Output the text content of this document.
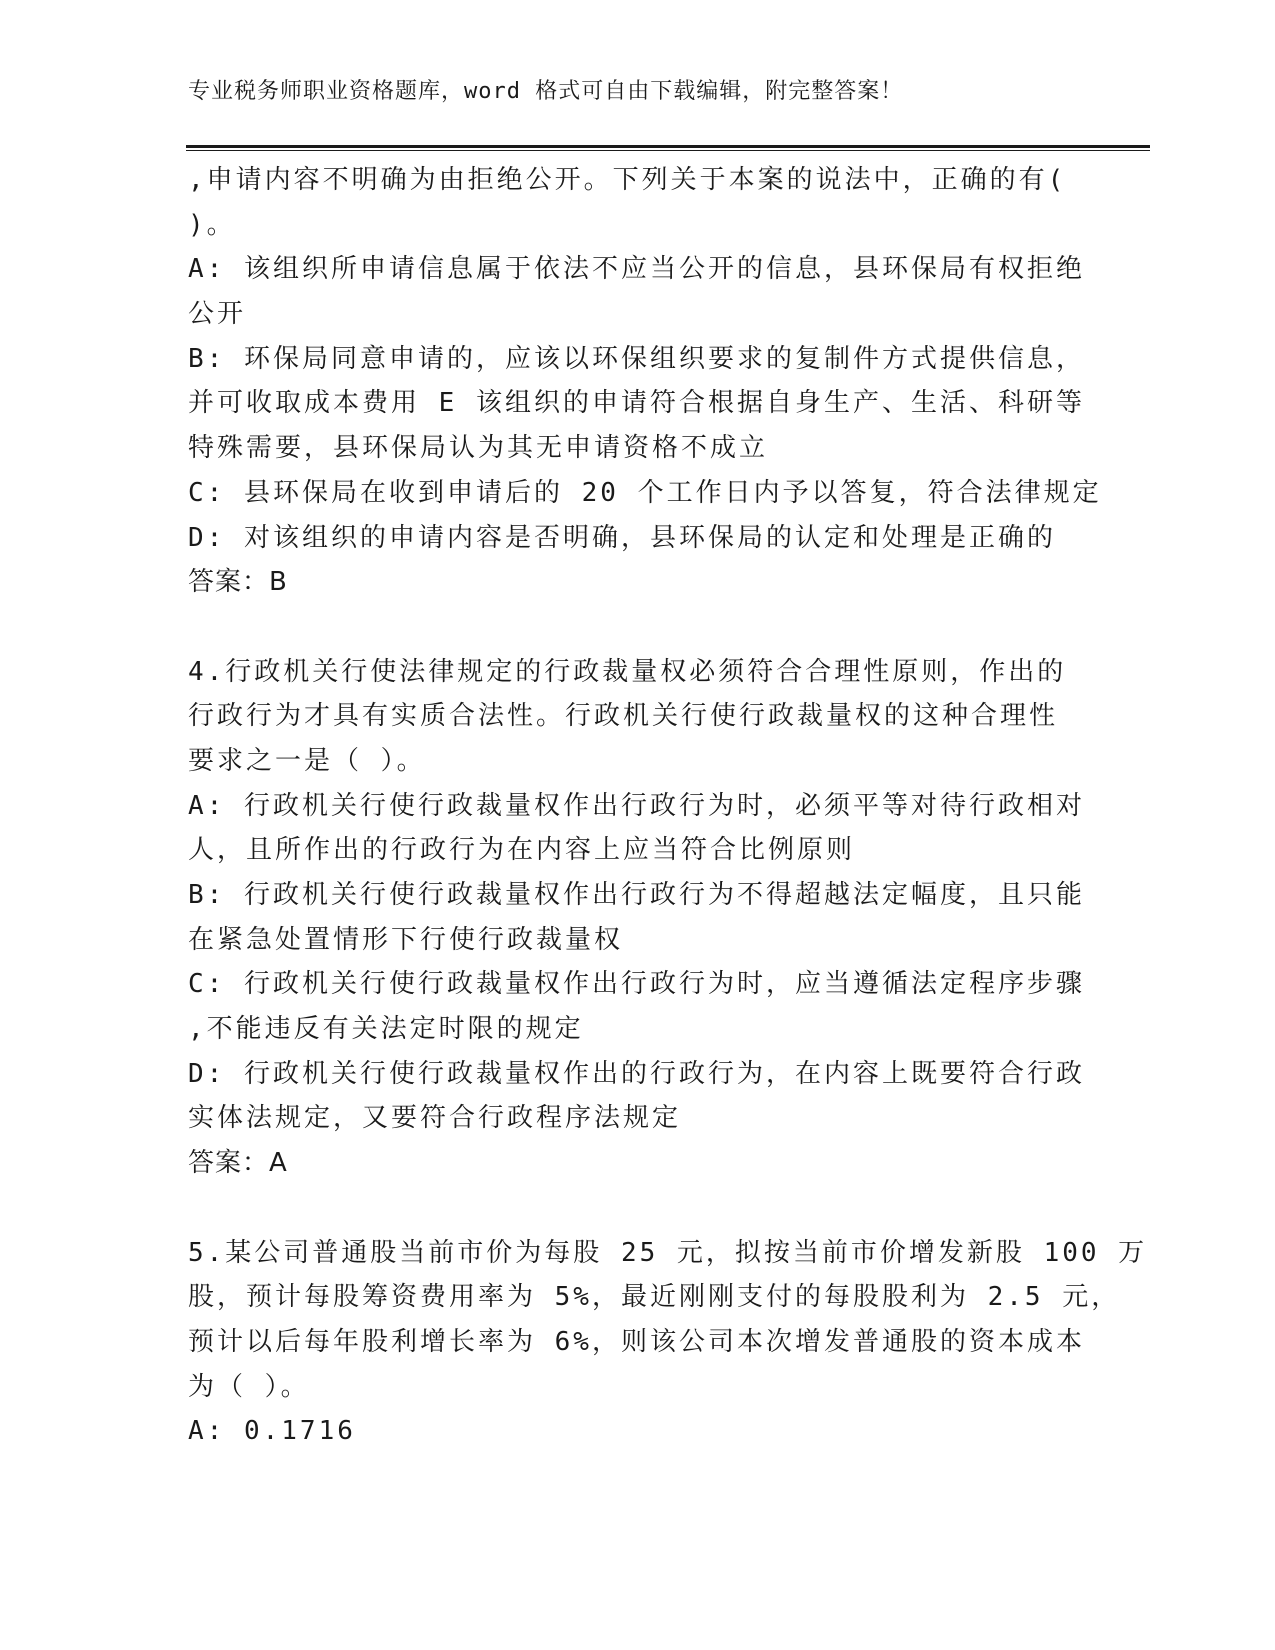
专业税务师职业资格题库，word 格式可自由下载编辑，附完整答案！
,申请内容不明确为由拒绝公开。下列关于本案的说法中，正确的有(
)。
A: 该组织所申请信息属于依法不应当公开的信息，县环保局有权拒绝
公开
B: 环保局同意申请的，应该以环保组织要求的复制件方式提供信息，
并可收取成本费用 E 该组织的申请符合根据自身生产、生活、科研等
特殊需要，县环保局认为其无申请资格不成立
C: 县环保局在收到申请后的 20 个工作日内予以答复，符合法律规定
D: 对该组织的申请内容是否明确，县环保局的认定和处理是正确的
答案：B
4.行政机关行使法律规定的行政裁量权必须符合合理性原则，作出的
行政行为才具有实质合法性。行政机关行使行政裁量权的这种合理性
要求之一是（ ）。
A: 行政机关行使行政裁量权作出行政行为时，必须平等对待行政相对
人，且所作出的行政行为在内容上应当符合比例原则
B: 行政机关行使行政裁量权作出行政行为不得超越法定幅度，且只能
在紧急处置情形下行使行政裁量权
C: 行政机关行使行政裁量权作出行政行为时，应当遵循法定程序步骤
,不能违反有关法定时限的规定
D: 行政机关行使行政裁量权作出的行政行为，在内容上既要符合行政
实体法规定，又要符合行政程序法规定
答案：A
5.某公司普通股当前市价为每股 25 元，拟按当前市价增发新股 100 万
股，预计每股筹资费用率为 5%，最近刚刚支付的每股股利为 2.5 元，
预计以后每年股利增长率为 6%，则该公司本次增发普通股的资本成本
为（ ）。
A: 0.1716
